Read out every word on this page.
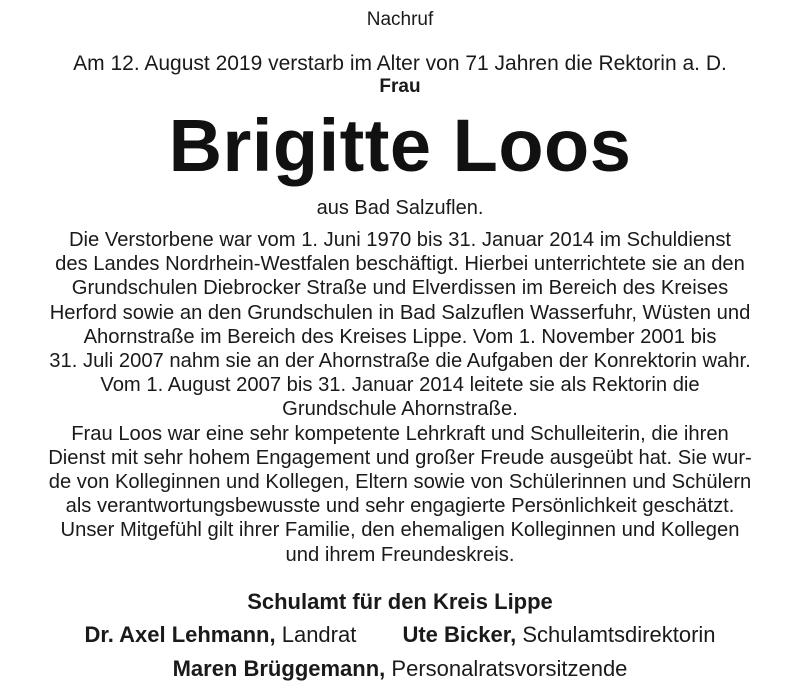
Nachruf
Am 12. August 2019 verstarb im Alter von 71 Jahren die Rektorin a. D.
Frau
Brigitte Loos
aus Bad Salzuflen.
Die Verstorbene war vom 1. Juni 1970 bis 31. Januar 2014 im Schuldienst
des Landes Nordrhein-Westfalen beschäftigt. Hierbei unterrichtete sie an den
Grundschulen Diebrocker Straße und Elverdissen im Bereich des Kreises
Herford sowie an den Grundschulen in Bad Salzuflen Wasserfuhr, Wüsten und
Ahornstraße im Bereich des Kreises Lippe. Vom 1. November 2001 bis
31. Juli 2007 nahm sie an der Ahornstraße die Aufgaben der Konrektorin wahr.
Vom 1. August 2007 bis 31. Januar 2014 leitete sie als Rektorin die
Grundschule Ahornstraße.
Frau Loos war eine sehr kompetente Lehrkraft und Schulleiterin, die ihren
Dienst mit sehr hohem Engagement und großer Freude ausgeübt hat. Sie wur-
de von Kolleginnen und Kollegen, Eltern sowie von Schülerinnen und Schülern
als verantwortungsbewusste und sehr engagierte Persönlichkeit geschätzt.
Unser Mitgefühl gilt ihrer Familie, den ehemaligen Kolleginnen und Kollegen
und ihrem Freundeskreis.
Schulamt für den Kreis Lippe
Dr. Axel Lehmann, Landrat Ute Bicker, Schulamtsdirektorin
Maren Brüggemann, Personalratsvorsitzende
